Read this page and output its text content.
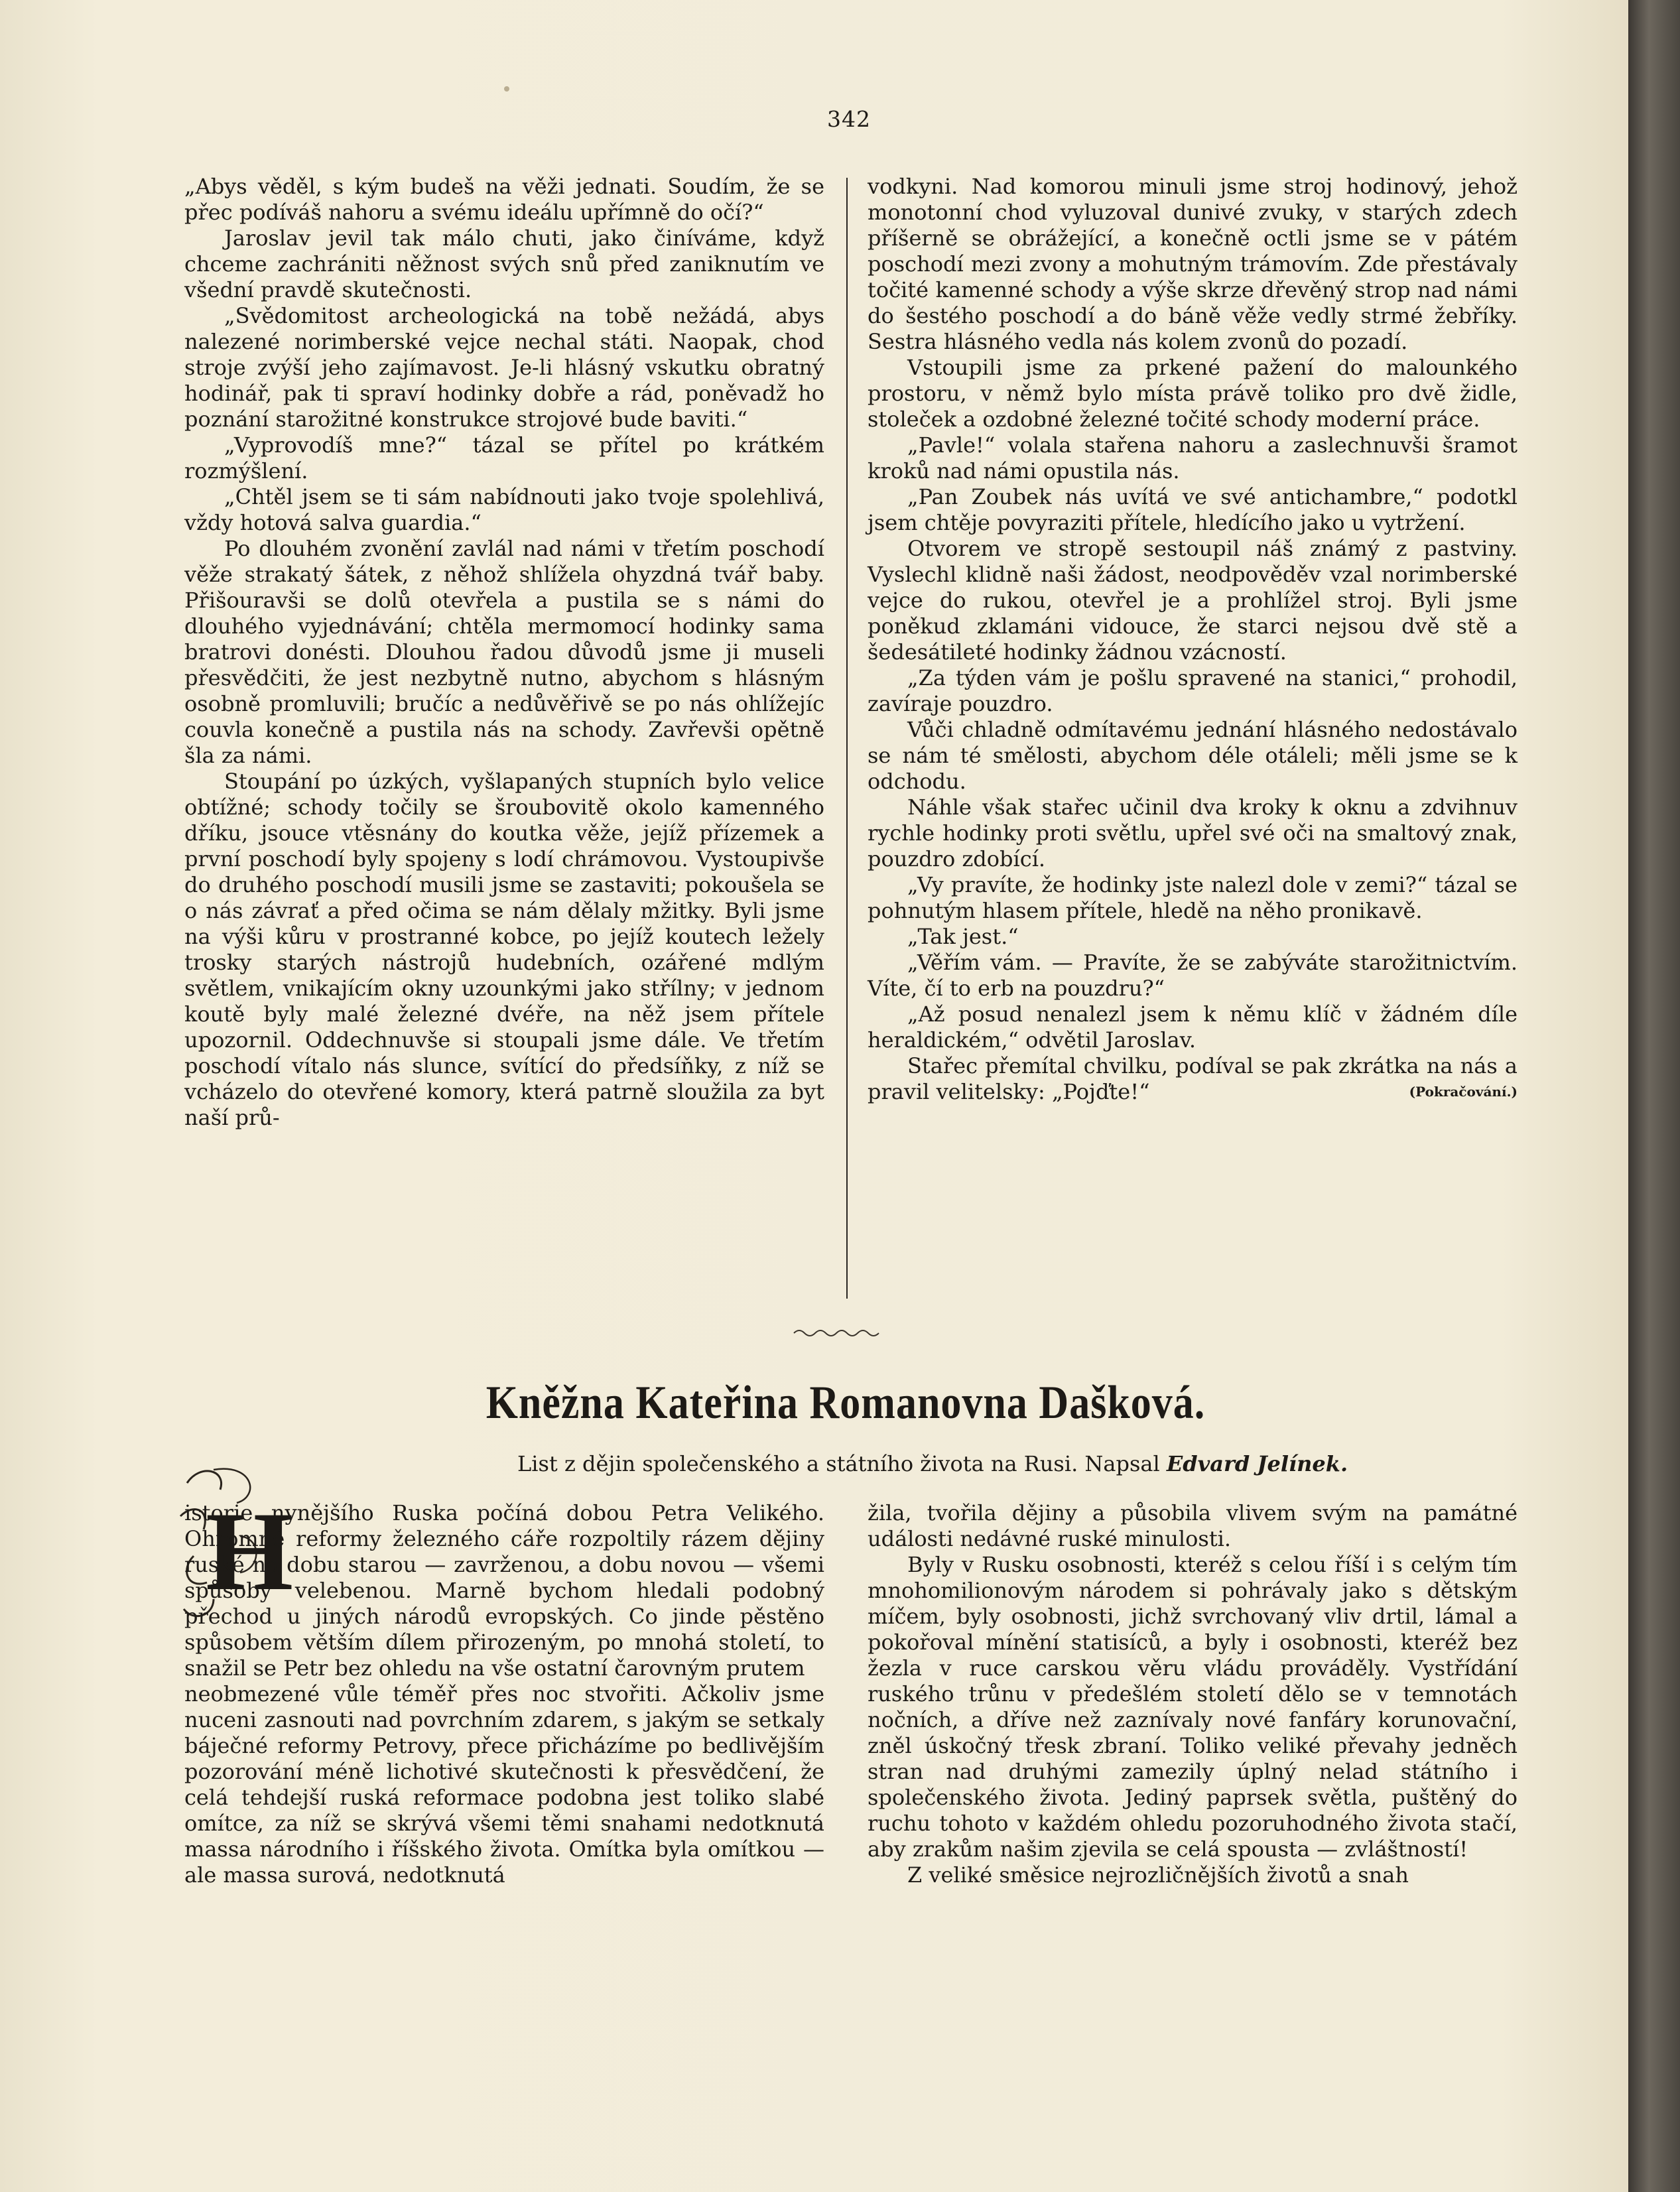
342

„Abys věděl, s kým budeš na věži jednati. Soudím, že se přec podíváš nahoru a svému ideálu upřímně do očí?“

Jaroslav jevil tak málo chuti, jako činíváme, když chceme zachrániti něžnost svých snů před zaniknutím ve všední pravdě skutečnosti.

„Svědomitost archeologická na tobě nežádá, abys nalezené norimberské vejce nechal státi. Naopak, chod stroje zvýší jeho zajímavost. Je-li hlásný vskutku obratný hodinář, pak ti spraví hodinky dobře a rád, poněvadž ho poznání starožitné konstrukce strojové bude baviti.“

„Vyprovodíš mne?“ tázal se přítel po krátkém rozmýšlení.

„Chtěl jsem se ti sám nabídnouti jako tvoje spolehlivá, vždy hotová salva guardia.“

Po dlouhém zvonění zavlál nad námi v třetím poschodí věže strakatý šátek, z něhož shlížela ohyzdná tvář baby. Přišouravši se dolů otevřela a pustila se s námi do dlouhého vyjednávání; chtěla mermomocí hodinky sama bratrovi donésti. Dlouhou řadou důvodů jsme ji museli přesvědčiti, že jest nezbytně nutno, abychom s hlásným osobně promluvili; bručíc a nedůvěřivě se po nás ohlížejíc couvla konečně a pustila nás na schody. Zavřevši opětně šla za námi.

Stoupání po úzkých, vyšlapaných stupních bylo velice obtížné; schody točily se šroubovitě okolo kamenného dříku, jsouce vtěsnány do koutka věže, jejíž přízemek a první poschodí byly spojeny s lodí chrámovou. Vystoupivše do druhého poschodí musili jsme se zastaviti; pokoušela se o nás závrať a před očima se nám dělaly mžitky. Byli jsme na výši kůru v prostranné kobce, po jejíž koutech ležely trosky starých nástrojů hudebních, ozářené mdlým světlem, vnikajícím okny uzounkými jako střílny; v jednom koutě byly malé železné dvéře, na něž jsem přítele upozornil. Oddechnuvše si stoupali jsme dále. Ve třetím poschodí vítalo nás slunce, svítící do předsíňky, z níž se vcházelo do otevřené komory, která patrně sloužila za byt naší prů-

vodkyni. Nad komorou minuli jsme stroj hodinový, jehož monotonní chod vyluzoval dunivé zvuky, v starých zdech příšerně se obrážející, a konečně octli jsme se v pátém poschodí mezi zvony a mohutným trámovím. Zde přestávaly točité kamenné schody a výše skrze dřevěný strop nad námi do šestého poschodí a do báně věže vedly strmé žebříky. Sestra hlásného vedla nás kolem zvonů do pozadí.

Vstoupili jsme za prkené pažení do malounkého prostoru, v němž bylo místa právě toliko pro dvě židle, stoleček a ozdobné železné točité schody moderní práce.

„Pavle!“ volala stařena nahoru a zaslechnuvši šramot kroků nad námi opustila nás.

„Pan Zoubek nás uvítá ve své antichambre,“ podotkl jsem chtěje povyraziti přítele, hledícího jako u vytržení.

Otvorem ve stropě sestoupil náš známý z pastviny. Vyslechl klidně naši žádost, neodpověděv vzal norimberské vejce do rukou, otevřel je a prohlížel stroj. Byli jsme poněkud zklamáni vidouce, že starci nejsou dvě stě a šedesátileté hodinky žádnou vzácností.

„Za týden vám je pošlu spravené na stanici,“ prohodil, zavíraje pouzdro.

Vůči chladně odmítavému jednání hlásného nedostávalo se nám té smělosti, abychom déle otáleli; měli jsme se k odchodu.

Náhle však stařec učinil dva kroky k oknu a zdvihnuv rychle hodinky proti světlu, upřel své oči na smaltový znak, pouzdro zdobící.

„Vy pravíte, že hodinky jste nalezl dole v zemi?“ tázal se pohnutým hlasem přítele, hledě na něho pronikavě.

„Tak jest.“

„Věřím vám. — Pravíte, že se zabýváte starožitnictvím. Víte, čí to erb na pouzdru?“

„Až posud nenalezl jsem k němu klíč v žádném díle heraldickém,“ odvětil Jaroslav.

Stařec přemítal chvilku, podíval se pak zkrátka na nás a pravil velitelsky: „Pojďte!“	(Pokračování.)

Kněžna Kateřina Romanovna Dašková.
List z dějin společenského a státního života na Rusi. Napsal Edvard Jelínek.
H

istorie nynějšího Ruska počíná dobou Petra Velikého. Ohromné reformy železného cáře rozpoltily rázem dějiny ruské na dobu starou — zavrženou, a dobu novou — všemi spůsoby velebenou. Marně bychom hledali podobný přechod u jiných národů evropských. Co jinde pěstěno spůsobem větším dílem přirozeným, po mnohá století, to snažil se Petr bez ohledu na vše ostatní čarovným prutem

neobmezené vůle téměř přes noc stvořiti. Ačkoliv jsme nuceni zasnouti nad povrchním zdarem, s jakým se setkaly báječné reformy Petrovy, přece přicházíme po bedlivějším pozorování méně lichotivé skutečnosti k přesvědčení, že celá tehdejší ruská reformace podobna jest toliko slabé omítce, za níž se skrývá všemi těmi snahami nedotknutá massa národního i říšského života. Omítka byla omítkou — ale massa surová, nedotknutá

žila, tvořila dějiny a působila vlivem svým na památné události nedávné ruské minulosti.

Byly v Rusku osobnosti, kteréž s celou říší i s celým tím mnohomilionovým národem si pohrávaly jako s dětským míčem, byly osobnosti, jichž svrchovaný vliv drtil, lámal a pokořoval mínění statisíců, a byly i osobnosti, kteréž bez žezla v ruce carskou věru vládu prováděly. Vystřídání ruského trůnu v předešlém století dělo se v temnotách nočních, a dříve než zaznívaly nové fanfáry korunovační, zněl úskočný třesk zbraní. Toliko veliké převahy jedněch stran nad druhými zamezily úplný nelad státního i společenského života. Jediný paprsek světla, puštěný do ruchu tohoto v každém ohledu pozoruhodného života stačí, aby zrakům našim zjevila se celá spousta — zvláštností!

Z veliké směsice nejrozličnějších životů a snah
